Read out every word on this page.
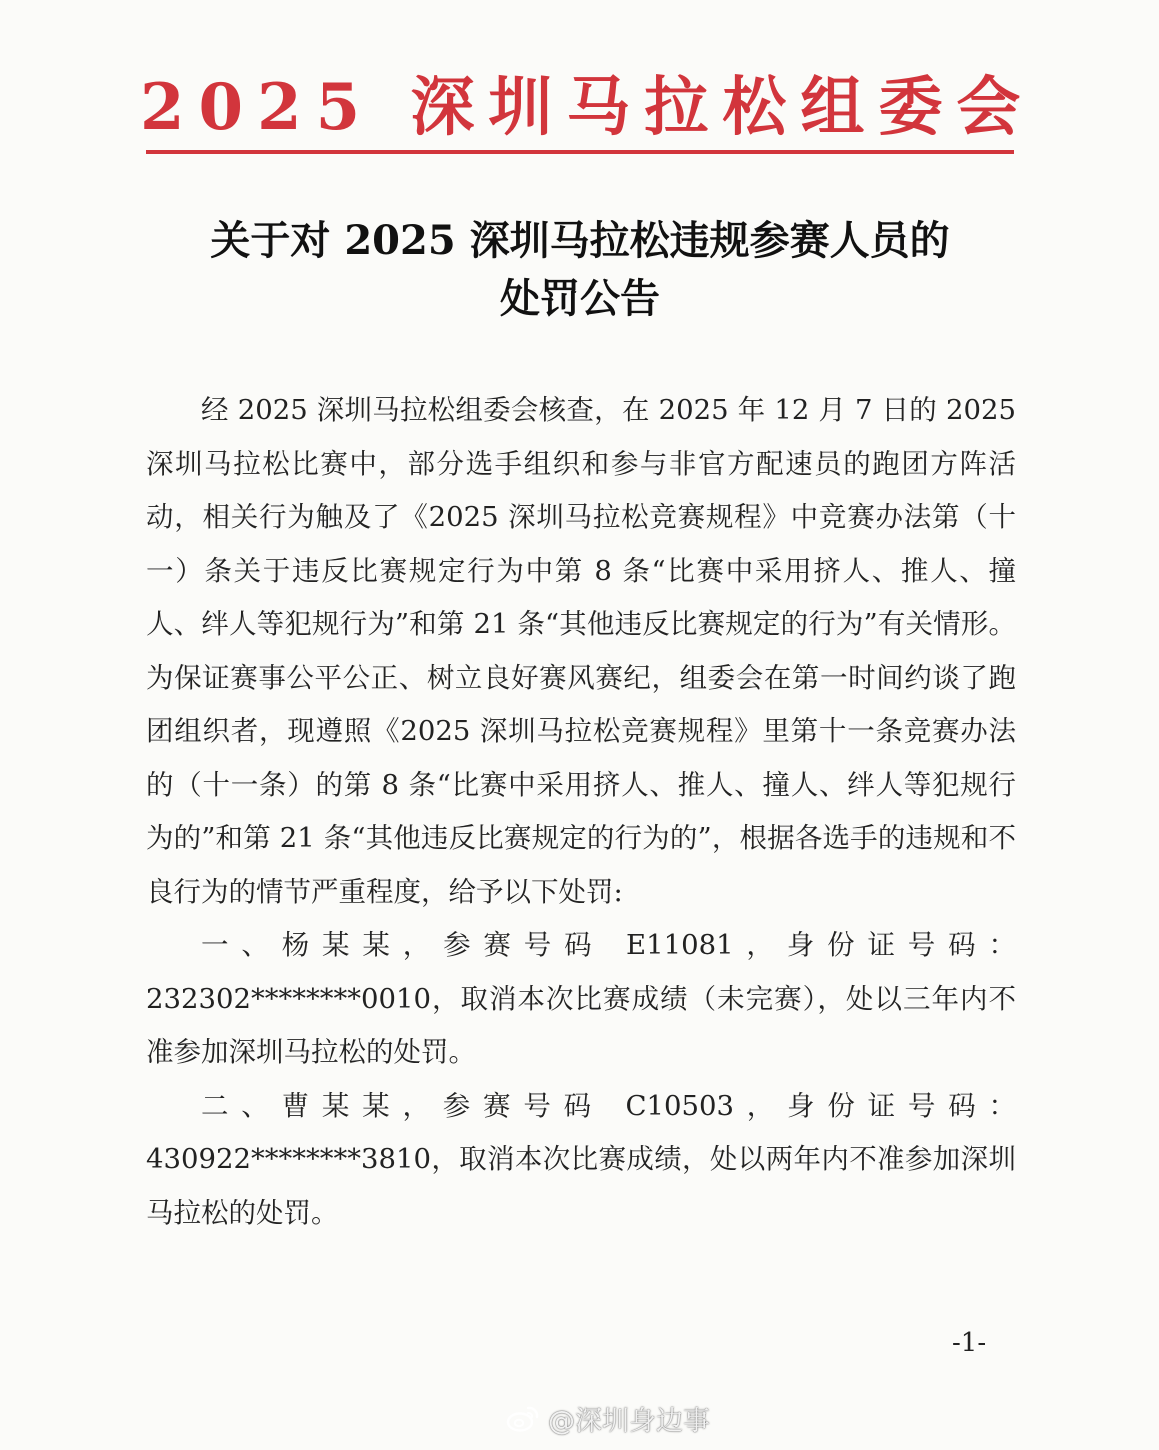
2025 深圳马拉松组委会
关于对 2025 深圳马拉松违规参赛人员的
处罚公告

经 2025 深圳马拉松组委会核查，在 2025 年 12 月 7 日的 2025 深圳马拉松比赛中，部分选手组织和参与非官方配速员的跑团方阵活动，相关行为触及了《2025 深圳马拉松竞赛规程》中竞赛办法第（十一）条关于违反比赛规定行为中第 8 条“比赛中采用挤人、推人、撞人、绊人等犯规行为”和第 21 条“其他违反比赛规定的行为”有关情形。为保证赛事公平公正、树立良好赛风赛纪，组委会在第一时间约谈了跑团组织者，现遵照《2025 深圳马拉松竞赛规程》里第十一条竞赛办法的（十一条）的第 8 条“比赛中采用挤人、推人、撞人、绊人等犯规行为的”和第 21 条“其他违反比赛规定的行为的”，根据各选手的违规和不良行为的情节严重程度，给予以下处罚:

一、杨某某，参赛号码 E11081，身份证号码：232302********0010，取消本次比赛成绩（未完赛），处以三年内不准参加深圳马拉松的处罚。

二、曹某某，参赛号码 C10503，身份证号码：430922********3810，取消本次比赛成绩，处以两年内不准参加深圳马拉松的处罚。

-1-
@深圳身边事
